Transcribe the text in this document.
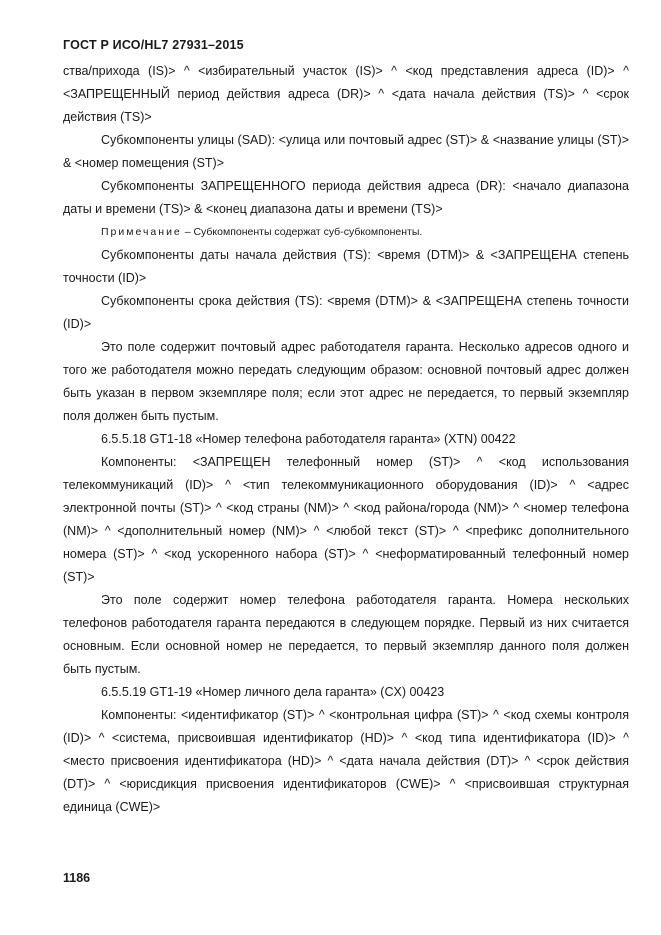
ГОСТ Р ИСО/HL7 27931–2015

ства/прихода (IS)> ^ <избирательный участок (IS)> ^ <код представления адреса (ID)> ^ <ЗАПРЕЩЕННЫЙ период действия адреса (DR)> ^ <дата начала действия (TS)> ^ <срок действия (TS)>

Субкомпоненты улицы (SAD): <улица или почтовый адрес (ST)> & <название улицы (ST)> & <номер помещения (ST)>

Субкомпоненты ЗАПРЕЩЕННОГО периода действия адреса (DR): <начало диапазона даты и времени (TS)> & <конец диапазона даты и времени (TS)>

Примечание – Субкомпоненты содержат суб-субкомпоненты.

Субкомпоненты даты начала действия (TS): <время (DTM)> & <ЗАПРЕЩЕНА степень точности (ID)>

Субкомпоненты срока действия (TS): <время (DTM)> & <ЗАПРЕЩЕНА степень точности (ID)>

Это поле содержит почтовый адрес работодателя гаранта. Несколько адресов одного и того же работодателя можно передать следующим образом: основной почтовый адрес должен быть указан в первом экземпляре поля; если этот адрес не передается, то первый экземпляр поля должен быть пустым.

6.5.5.18 GT1-18 «Номер телефона работодателя гаранта» (XTN) 00422

Компоненты: <ЗАПРЕЩЕН телефонный номер (ST)> ^ <код использования телекоммуникаций (ID)> ^ <тип телекоммуникационного оборудования (ID)> ^ <адрес электронной почты (ST)> ^ <код страны (NM)> ^ <код района/города (NM)> ^ <номер телефона (NM)> ^ <дополнительный номер (NM)> ^ <любой текст (ST)> ^ <префикс дополнительного номера (ST)> ^ <код ускоренного набора (ST)> ^ <неформатированный телефонный номер (ST)>

Это поле содержит номер телефона работодателя гаранта. Номера нескольких телефонов работодателя гаранта передаются в следующем порядке. Первый из них считается основным. Если основной номер не передается, то первый экземпляр данного поля должен быть пустым.

6.5.5.19 GT1-19 «Номер личного дела гаранта» (CX) 00423

Компоненты: <идентификатор (ST)> ^ <контрольная цифра (ST)> ^ <код схемы контроля (ID)> ^ <система, присвоившая идентификатор (HD)> ^ <код типа идентификатора (ID)> ^ <место присвоения идентификатора (HD)> ^ <дата начала действия (DT)> ^ <срок действия (DT)> ^ <юрисдикция присвоения идентификаторов (CWE)> ^ <присвоившая структурная единица (CWE)>

1186
